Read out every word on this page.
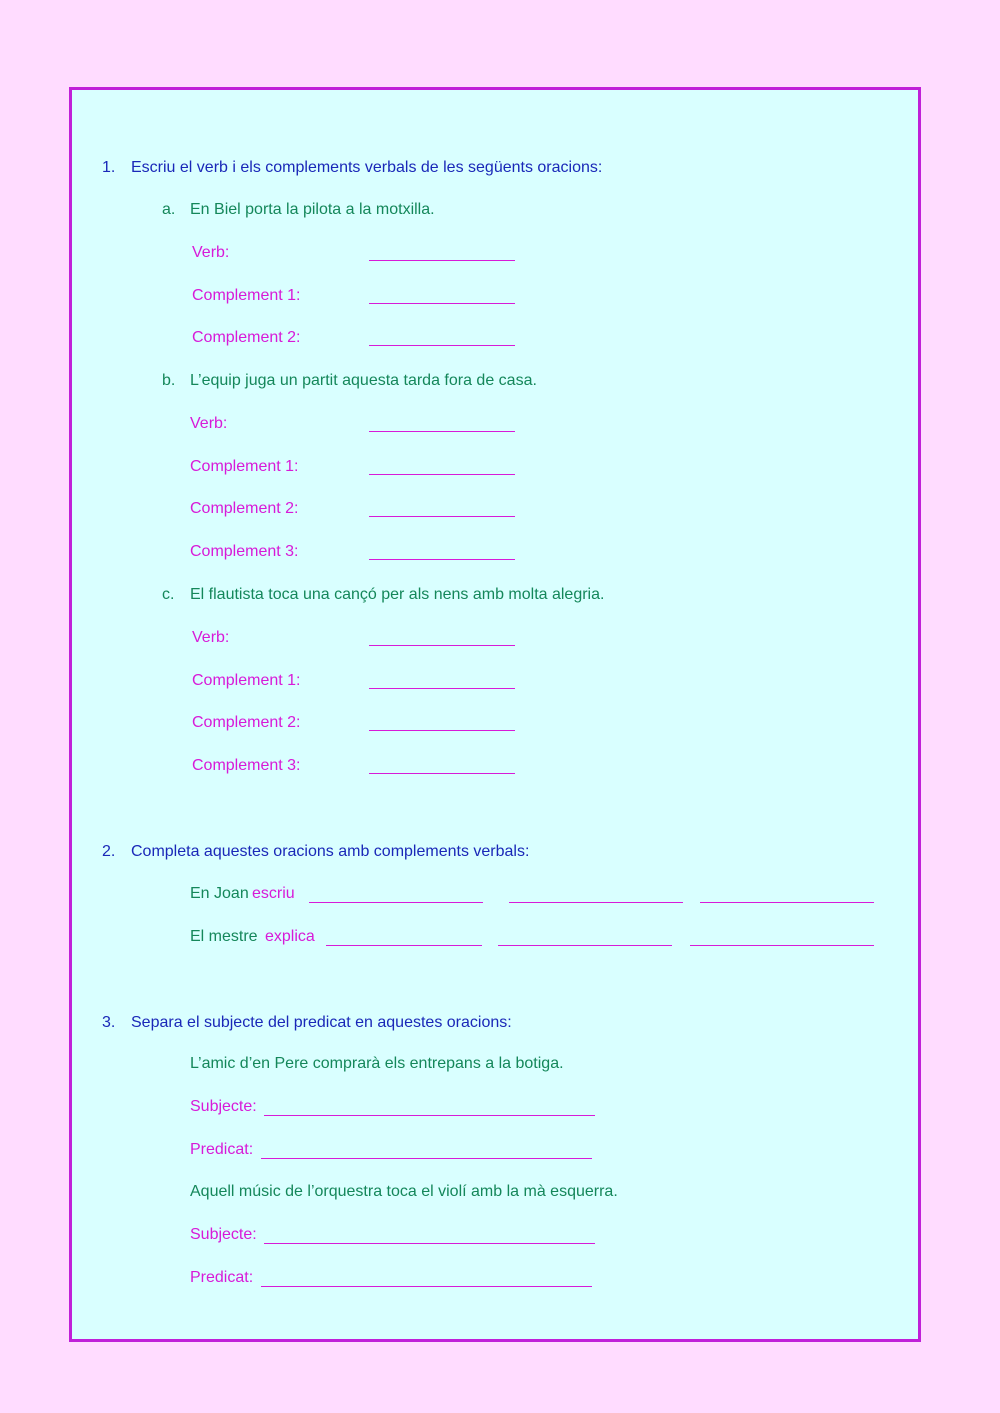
1. Escriu el verb i els complements verbals de les següents oracions:
a. En Biel porta la pilota a la motxilla.
Verb:
Complement 1:
Complement 2:
b. L’equip juga un partit aquesta tarda fora de casa.
Verb:
Complement 1:
Complement 2:
Complement 3:
c. El flautista toca una cançó per als nens amb molta alegria.
Verb:
Complement 1:
Complement 2:
Complement 3:
2. Completa aquestes oracions amb complements verbals:
En Joan escriu
El mestre explica
3. Separa el subjecte del predicat en aquestes oracions:
L’amic d’en Pere comprarà els entrepans a la botiga.
Subjecte:
Predicat:
Aquell músic de l’orquestra toca el violí amb la mà esquerra.
Subjecte:
Predicat:
